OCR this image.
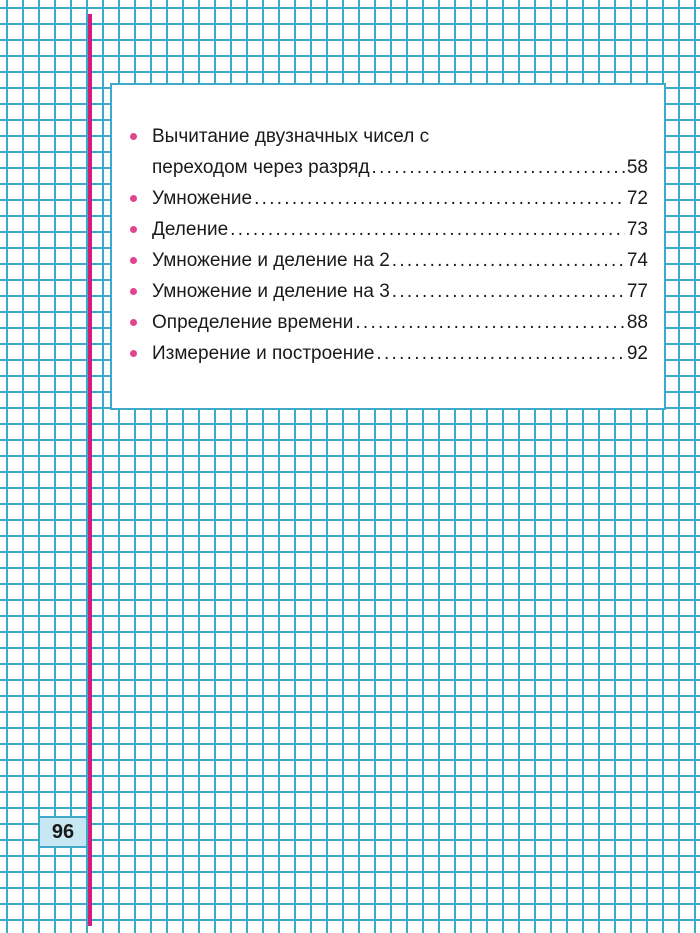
Вычитание двузначных чисел с
переходом через разряд . . .	58
Умножение . . .	72
Деление . . .	73
Умножение и деление на 2 . . .	74
Умножение и деление на 3 . . .	77
Определение времени . . .	88
Измерение и построение . . .	92
96
